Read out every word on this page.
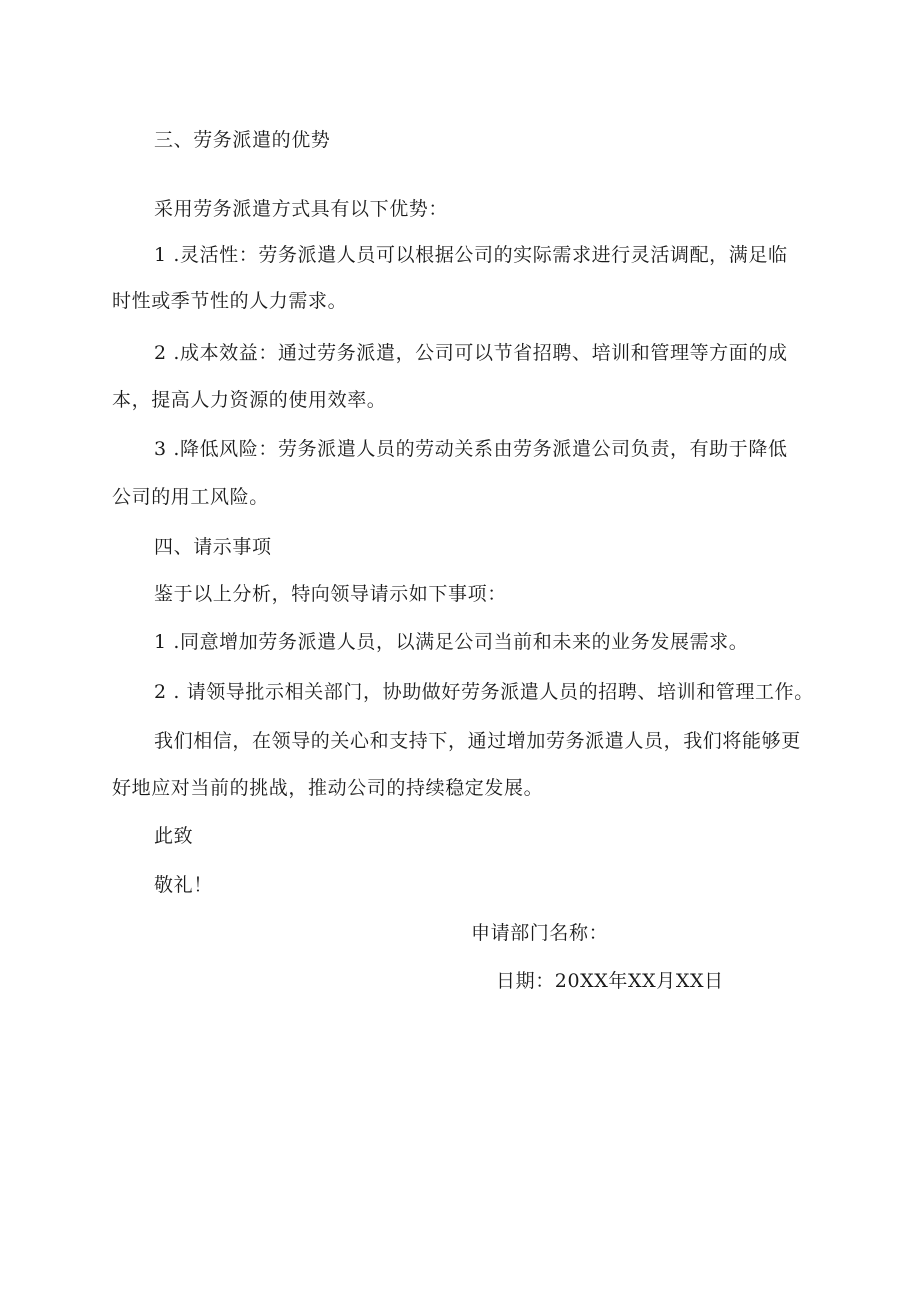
三、劳务派遣的优势
采用劳务派遣方式具有以下优势：
1 .灵活性：劳务派遣人员可以根据公司的实际需求进行灵活调配，满足临
时性或季节性的人力需求。
2 .成本效益：通过劳务派遣，公司可以节省招聘、培训和管理等方面的成
本，提高人力资源的使用效率。
3 .降低风险：劳务派遣人员的劳动关系由劳务派遣公司负责，有助于降低
公司的用工风险。
四、请示事项
鉴于以上分析，特向领导请示如下事项：
1 .同意增加劳务派遣人员，以满足公司当前和未来的业务发展需求。
2 . 请领导批示相关部门，协助做好劳务派遣人员的招聘、培训和管理工作。
我们相信，在领导的关心和支持下，通过增加劳务派遣人员，我们将能够更
好地应对当前的挑战，推动公司的持续稳定发展。
此致
敬礼！
申请部门名称：
日期：20XX年XX月XX日
